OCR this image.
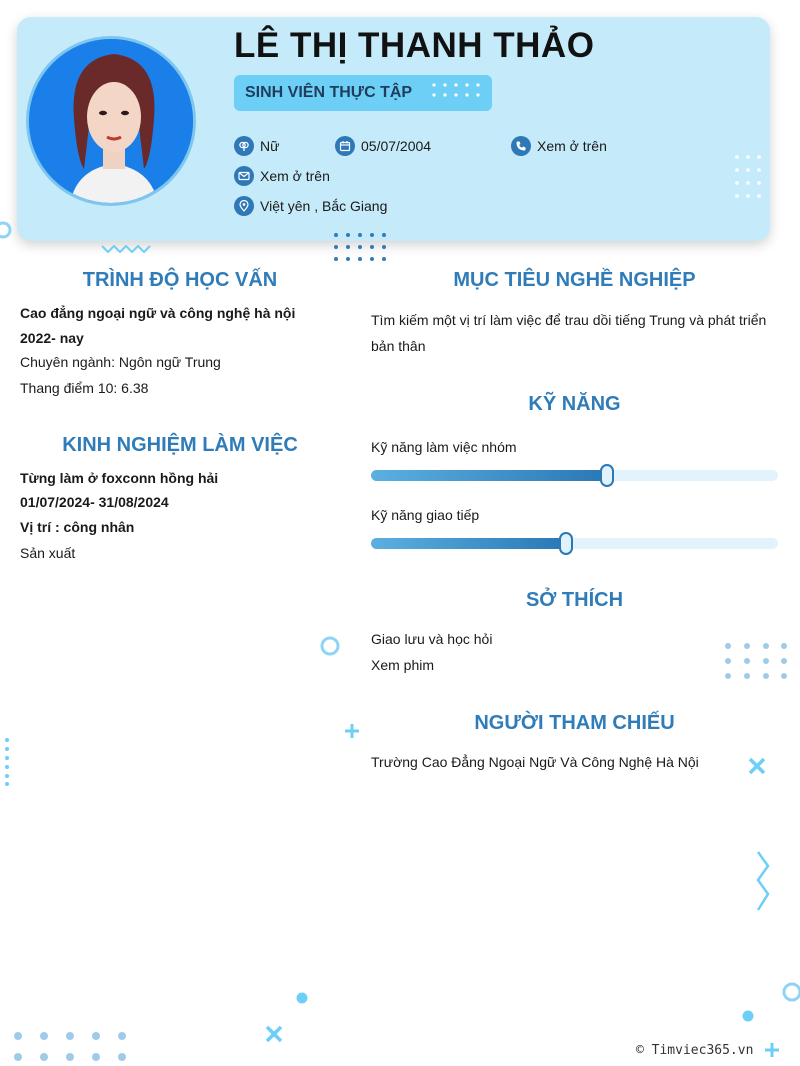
LÊ THỊ THANH THẢO
SINH VIÊN THỰC TẬP
Nữ	05/07/2004	Xem ở trên
Xem ở trên
Việt yên , Bắc Giang
TRÌNH ĐỘ HỌC VẤN
Cao đẳng ngoại ngữ và công nghệ hà nội
2022- nay
Chuyên ngành: Ngôn ngữ Trung
Thang điểm 10: 6.38
KINH NGHIỆM LÀM VIỆC
Từng làm ở foxconn hồng hải
01/07/2024- 31/08/2024
Vị trí : công nhân
Sản xuất
MỤC TIÊU NGHỀ NGHIỆP
Tìm kiếm một vị trí làm việc để trau dồi tiếng Trung và phát triển
bản thân
KỸ NĂNG
Kỹ năng làm việc nhóm
Kỹ năng giao tiếp
SỞ THÍCH
Giao lưu và học hỏi
Xem phim
NGƯỜI THAM CHIẾU
Trường Cao Đẳng Ngoại Ngữ Và Công Nghệ Hà Nội
© Timviec365.vn
